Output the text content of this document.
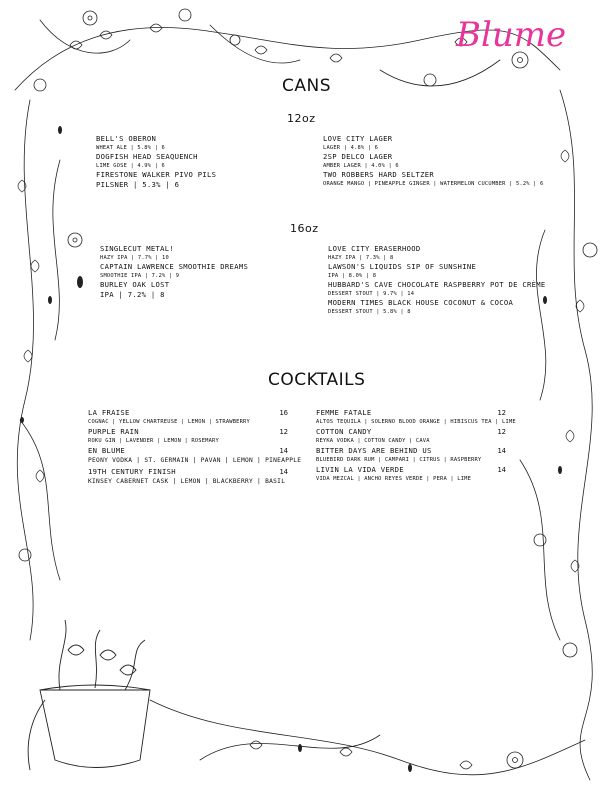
Blume
CANS
12oz
BELL'S OBERON
WHEAT ALE | 5.8% | 6
DOGFISH HEAD SEAQUENCH
LIME GOSE | 4.9% | 6
FIRESTONE WALKER PIVO PILS
PILSNER | 5.3% | 6
LOVE CITY LAGER
LAGER | 4.8% | 6
2SP DELCO LAGER
AMBER LAGER | 4.0% | 6
TWO ROBBERS HARD SELTZER
ORANGE MANGO | PINEAPPLE GINGER | WATERMELON CUCUMBER | 5.2% | 6
16oz
SINGLECUT METAL!
HAZY IPA | 7.7% | 10
CAPTAIN LAWRENCE SMOOTHIE DREAMS
SMOOTHIE IPA | 7.2% | 9
BURLEY OAK LOST
IPA | 7.2% | 8
LOVE CITY ERASERHOOD
HAZY IPA | 7.3% | 8
LAWSON'S LIQUIDS SIP OF SUNSHINE
IPA | 8.0% | 8
HUBBARD'S CAVE CHOCOLATE RASPBERRY POT DE CRÈME
DESSERT STOUT | 9.7% | 14
MODERN TIMES BLACK HOUSE COCONUT & COCOA
DESSERT STOUT | 5.8% | 8
COCKTAILS
LA FRAISE	16
COGNAC | YELLOW CHARTREUSE | LEMON | STRAWBERRY
PURPLE RAIN	12
ROKU GIN | LAVENDER | LEMON | ROSEMARY
EN BLUME	14
PEONY VODKA | ST. GERMAIN | PAVAN | LEMON | PINEAPPLE
19TH CENTURY FINISH	14
KINSEY CABERNET CASK | LEMON | BLACKBERRY | BASIL
FEMME FATALE	12
ALTOS TEQUILA | SOLERNO BLOOD ORANGE | HIBISCUS TEA | LIME
COTTON CANDY	12
REYKA VODKA | COTTON CANDY | CAVA
BITTER DAYS ARE BEHIND US	14
BLUEBIRD DARK RUM | CAMPARI | CITRUS | RASPBERRY
LIVIN LA VIDA VERDE	14
VIDA MEZCAL | ANCHO REYES VERDE | PERA | LIME
